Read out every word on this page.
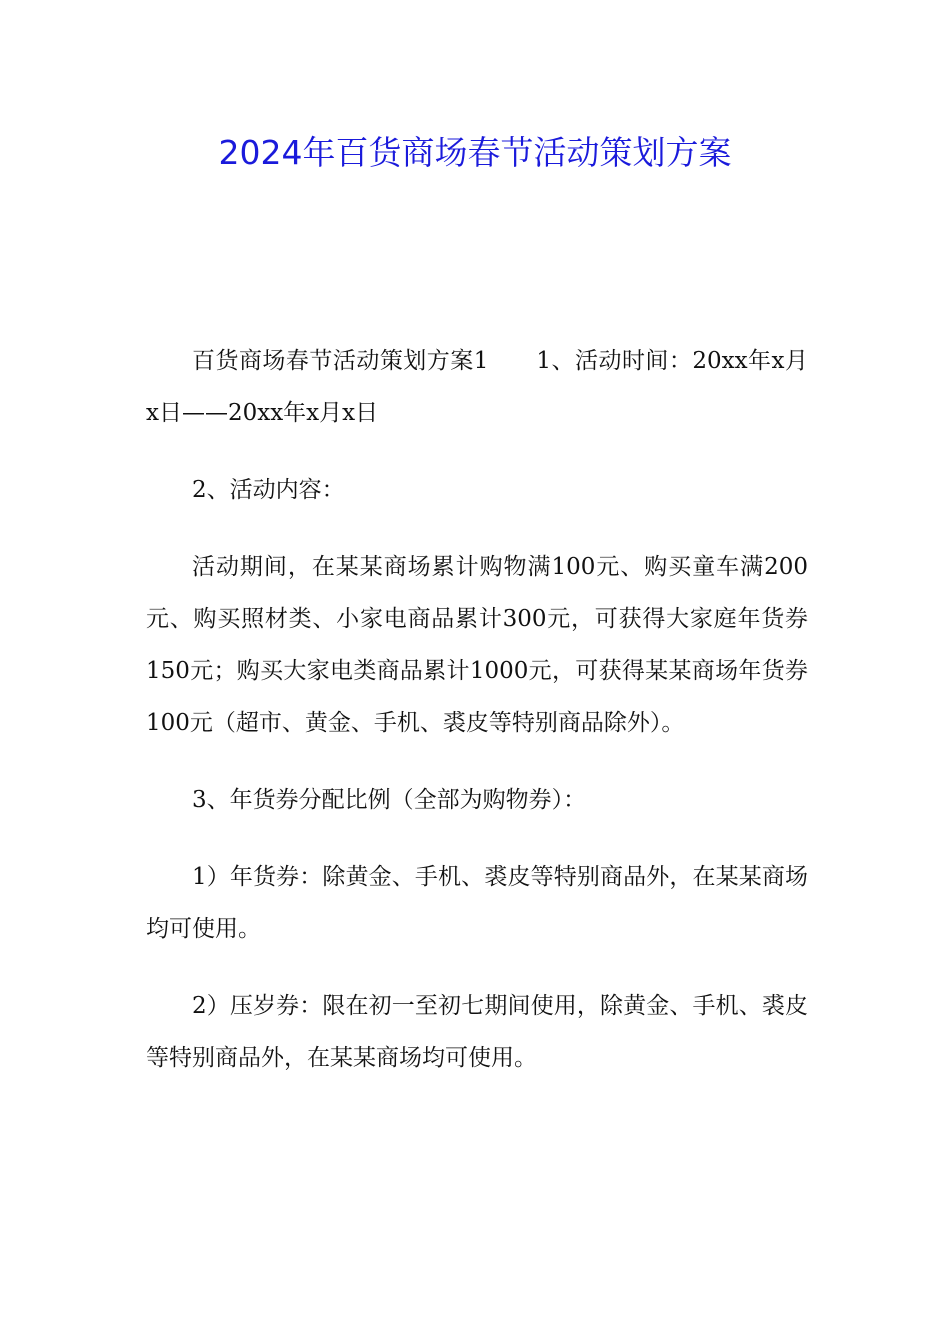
2024年百货商场春节活动策划方案

百货商场春节活动策划方案1 1、活动时间：20xx年x月x日——20xx年x月x日

2、活动内容：

活动期间，在某某商场累计购物满100元、购买童车满200元、购买照材类、小家电商品累计300元，可获得大家庭年货券150元；购买大家电类商品累计1000元，可获得某某商场年货券100元（超市、黄金、手机、裘皮等特别商品除外）。

3、年货券分配比例（全部为购物券）：

1）年货券：除黄金、手机、裘皮等特别商品外，在某某商场均可使用。

2）压岁券：限在初一至初七期间使用，除黄金、手机、裘皮等特别商品外，在某某商场均可使用。
